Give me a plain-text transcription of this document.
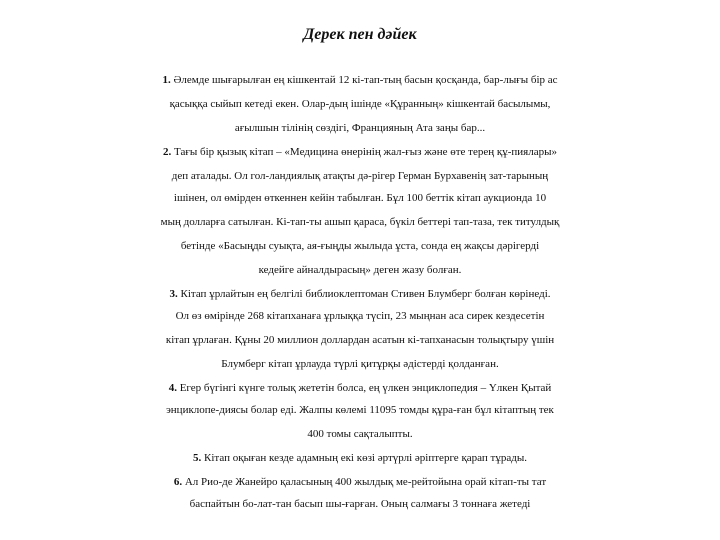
Дерек пен дәйек

1. Әлемде шығарылған ең кішкентай 12 кі-тап-тың басын қосқанда, бар-лығы бір ас

қасыққа сыйып кетеді екен. Олар-дың ішінде «Құранның» кішкентай басылымы,

ағылшын тілінің сөздігі, Францияның Ата заңы бар...

2. Тағы бір қызық кітап – «Медицина өнерінің жал-ғыз және өте терең құ-пиялары»

деп аталады. Ол гол-ландиялық атақты дә-рігер Герман Бурхавенің зат-тарының

ішінен, ол өмірден өткеннен кейін табылған. Бұл 100 беттік кітап аукционда 10

мың долларға сатылған. Кі-тап-ты ашып қараса, бүкіл беттері тап-таза, тек титулдық

бетінде «Басыңды суықта, ая-ғыңды жылыда ұста, сонда ең жақсы дәрігерді

кедейге айналдырасың» деген жазу болған.

3. Кітап ұрлайтын ең белгілі библиоклептоман Стивен Блумберг болған көрінеді.

Ол өз өмірінде 268 кітапханаға ұрлыққа түсіп, 23 мыңнан аса сирек кездесетін

кітап ұрлаған. Құны 20 миллион доллардан асатын кі-тапханасын толықтыру үшін

Блумберг кітап ұрлауда түрлі қитұрқы әдістерді қолданған.

4. Егер бүгінгі күнге толық жететін болса, ең үлкен энциклопедия – Үлкен Қытай

энциклопе-диясы болар еді. Жалпы көлемі 11095 томды құра-ған бұл кітаптың тек

400 томы сақталыпты.

5. Кітап оқыған кезде адамның екі көзі әртүрлі әріптерге қарап тұрады.

6. Ал Рио-де Жанейро қаласының 400 жылдық ме-рейтойына орай кітап-ты тат

баспайтын бо-лат-тан басып шы-ғарған. Оның салмағы 3 тоннаға жетеді
